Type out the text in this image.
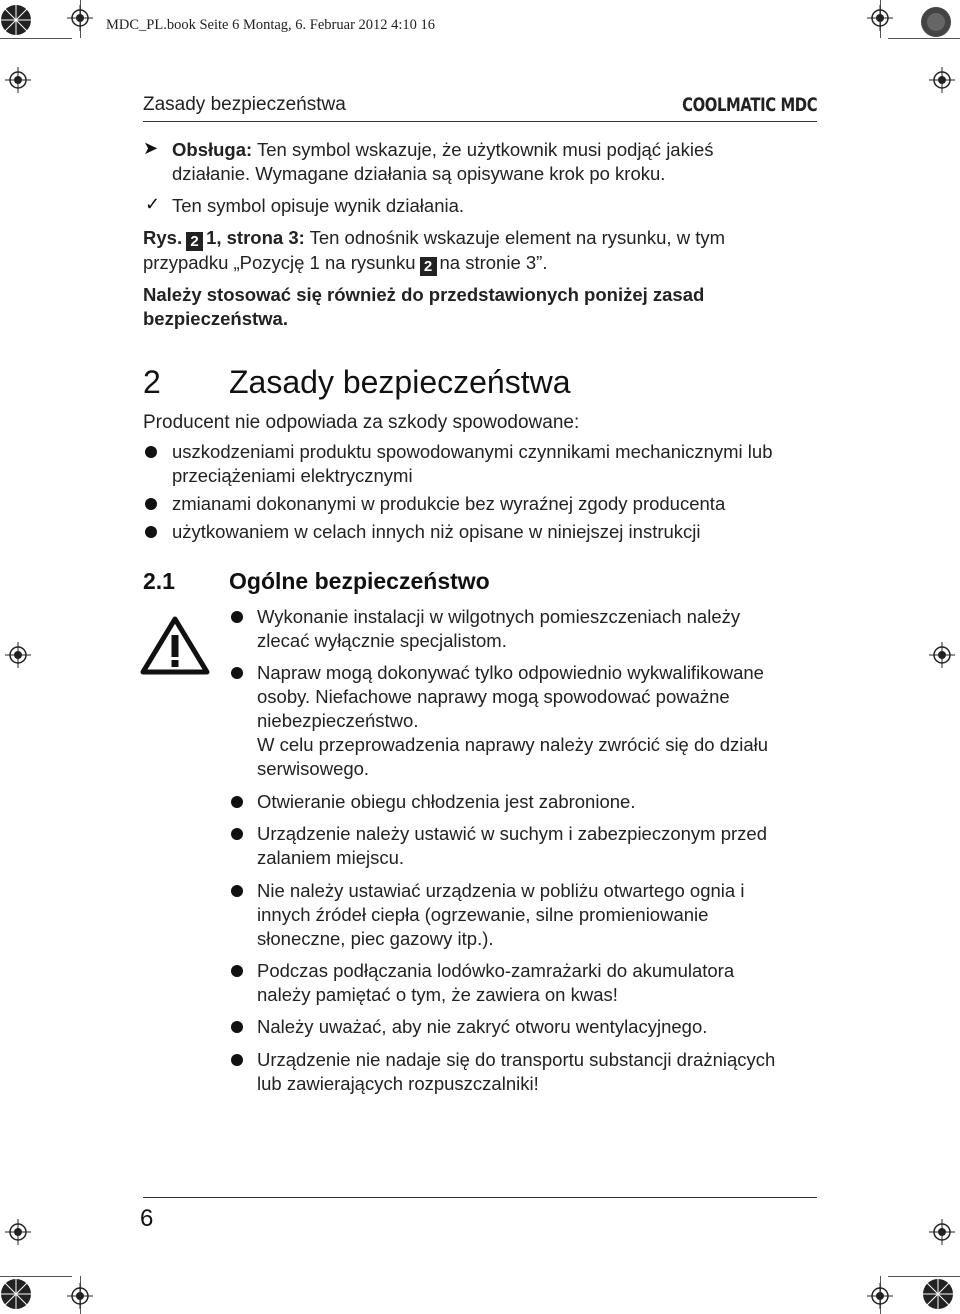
MDC_PL.book Seite 6 Montag, 6. Februar 2012 4:10 16
Zasady bezpieczeństwa	COOLMATIC MDC
➤ Obsługa: Ten symbol wskazuje, że użytkownik musi podjąć jakieś
działanie. Wymagane działania są opisywane krok po kroku.
✓ Ten symbol opisuje wynik działania.
Rys. 2 1, strona 3: Ten odnośnik wskazuje element na rysunku, w tym
przypadku „Pozycję 1 na rysunku 2 na stronie 3”.
Należy stosować się również do przedstawionych poniżej zasad
bezpieczeństwa.
2 Zasady bezpieczeństwa
Producent nie odpowiada za szkody spowodowane:
uszkodzeniami produktu spowodowanymi czynnikami mechanicznymi lub
przeciążeniami elektrycznymi
zmianami dokonanymi w produkcie bez wyraźnej zgody producenta
użytkowaniem w celach innych niż opisane w niniejszej instrukcji
2.1 Ogólne bezpieczeństwo
Wykonanie instalacji w wilgotnych pomieszczeniach należy
zlecać wyłącznie specjalistom.
Napraw mogą dokonywać tylko odpowiednio wykwalifikowane
osoby. Niefachowe naprawy mogą spowodować poważne
niebezpieczeństwo.
W celu przeprowadzenia naprawy należy zwrócić się do działu
serwisowego.
Otwieranie obiegu chłodzenia jest zabronione.
Urządzenie należy ustawić w suchym i zabezpieczonym przed
zalaniem miejscu.
Nie należy ustawiać urządzenia w pobliżu otwartego ognia i
innych źródeł ciepła (ogrzewanie, silne promieniowanie
słoneczne, piec gazowy itp.).
Podczas podłączania lodówko-zamrażarki do akumulatora
należy pamiętać o tym, że zawiera on kwas!
Należy uważać, aby nie zakryć otworu wentylacyjnego.
Urządzenie nie nadaje się do transportu substancji drażniących
lub zawierających rozpuszczalniki!
6
